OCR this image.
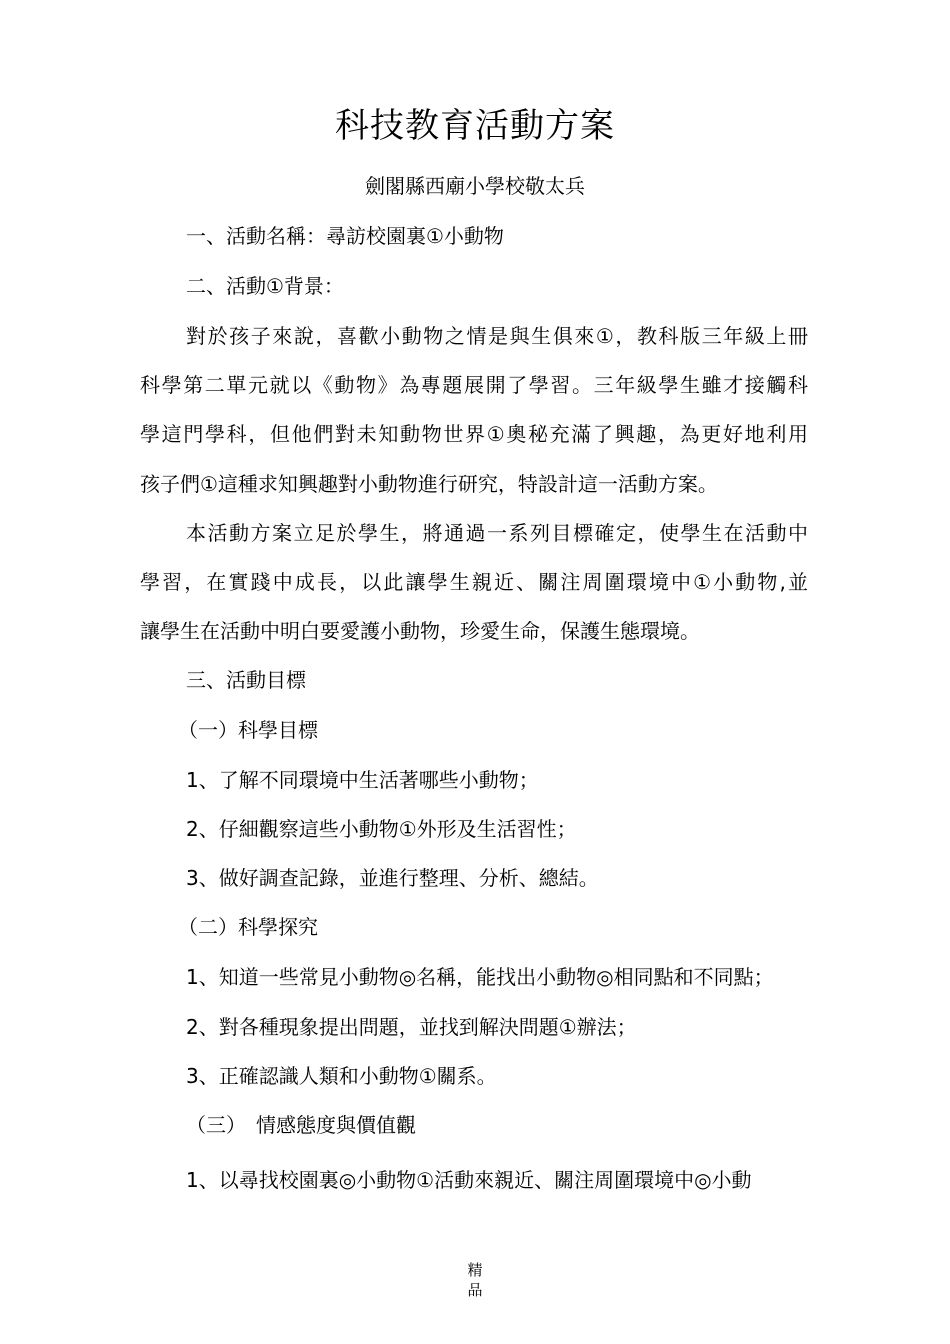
科技教育活動方案
劍閣縣西廟小學校敬太兵
一、活動名稱：尋訪校園裏①小動物
二、活動①背景：
對於孩子來說，喜歡小動物之情是與生俱來①，教科版三年級上冊
科學第二單元就以《動物》為專題展開了學習。三年級學生雖才接觸科
學這門學科，但他們對未知動物世界①奧秘充滿了興趣，為更好地利用
孩子們①這種求知興趣對小動物進行研究，特設計這一活動方案。
本活動方案立足於學生，將通過一系列目標確定，使學生在活動中
學習，在實踐中成長，以此讓學生親近、關注周圍環境中①小動物,並
讓學生在活動中明白要愛護小動物，珍愛生命，保護生態環境。
三、活動目標
（一）科學目標
1、了解不同環境中生活著哪些小動物；
2、仔細觀察這些小動物①外形及生活習性；
3、做好調查記錄，並進行整理、分析、總結。
（二）科學探究
1、知道一些常見小動物◎名稱，能找出小動物◎相同點和不同點；
2、對各種現象提出問題，並找到解決問題①辦法；
3、正確認識人類和小動物①關系。
（三）　情感態度與價值觀
1、以尋找校園裏◎小動物①活動來親近、關注周圍環境中◎小動
精
品
